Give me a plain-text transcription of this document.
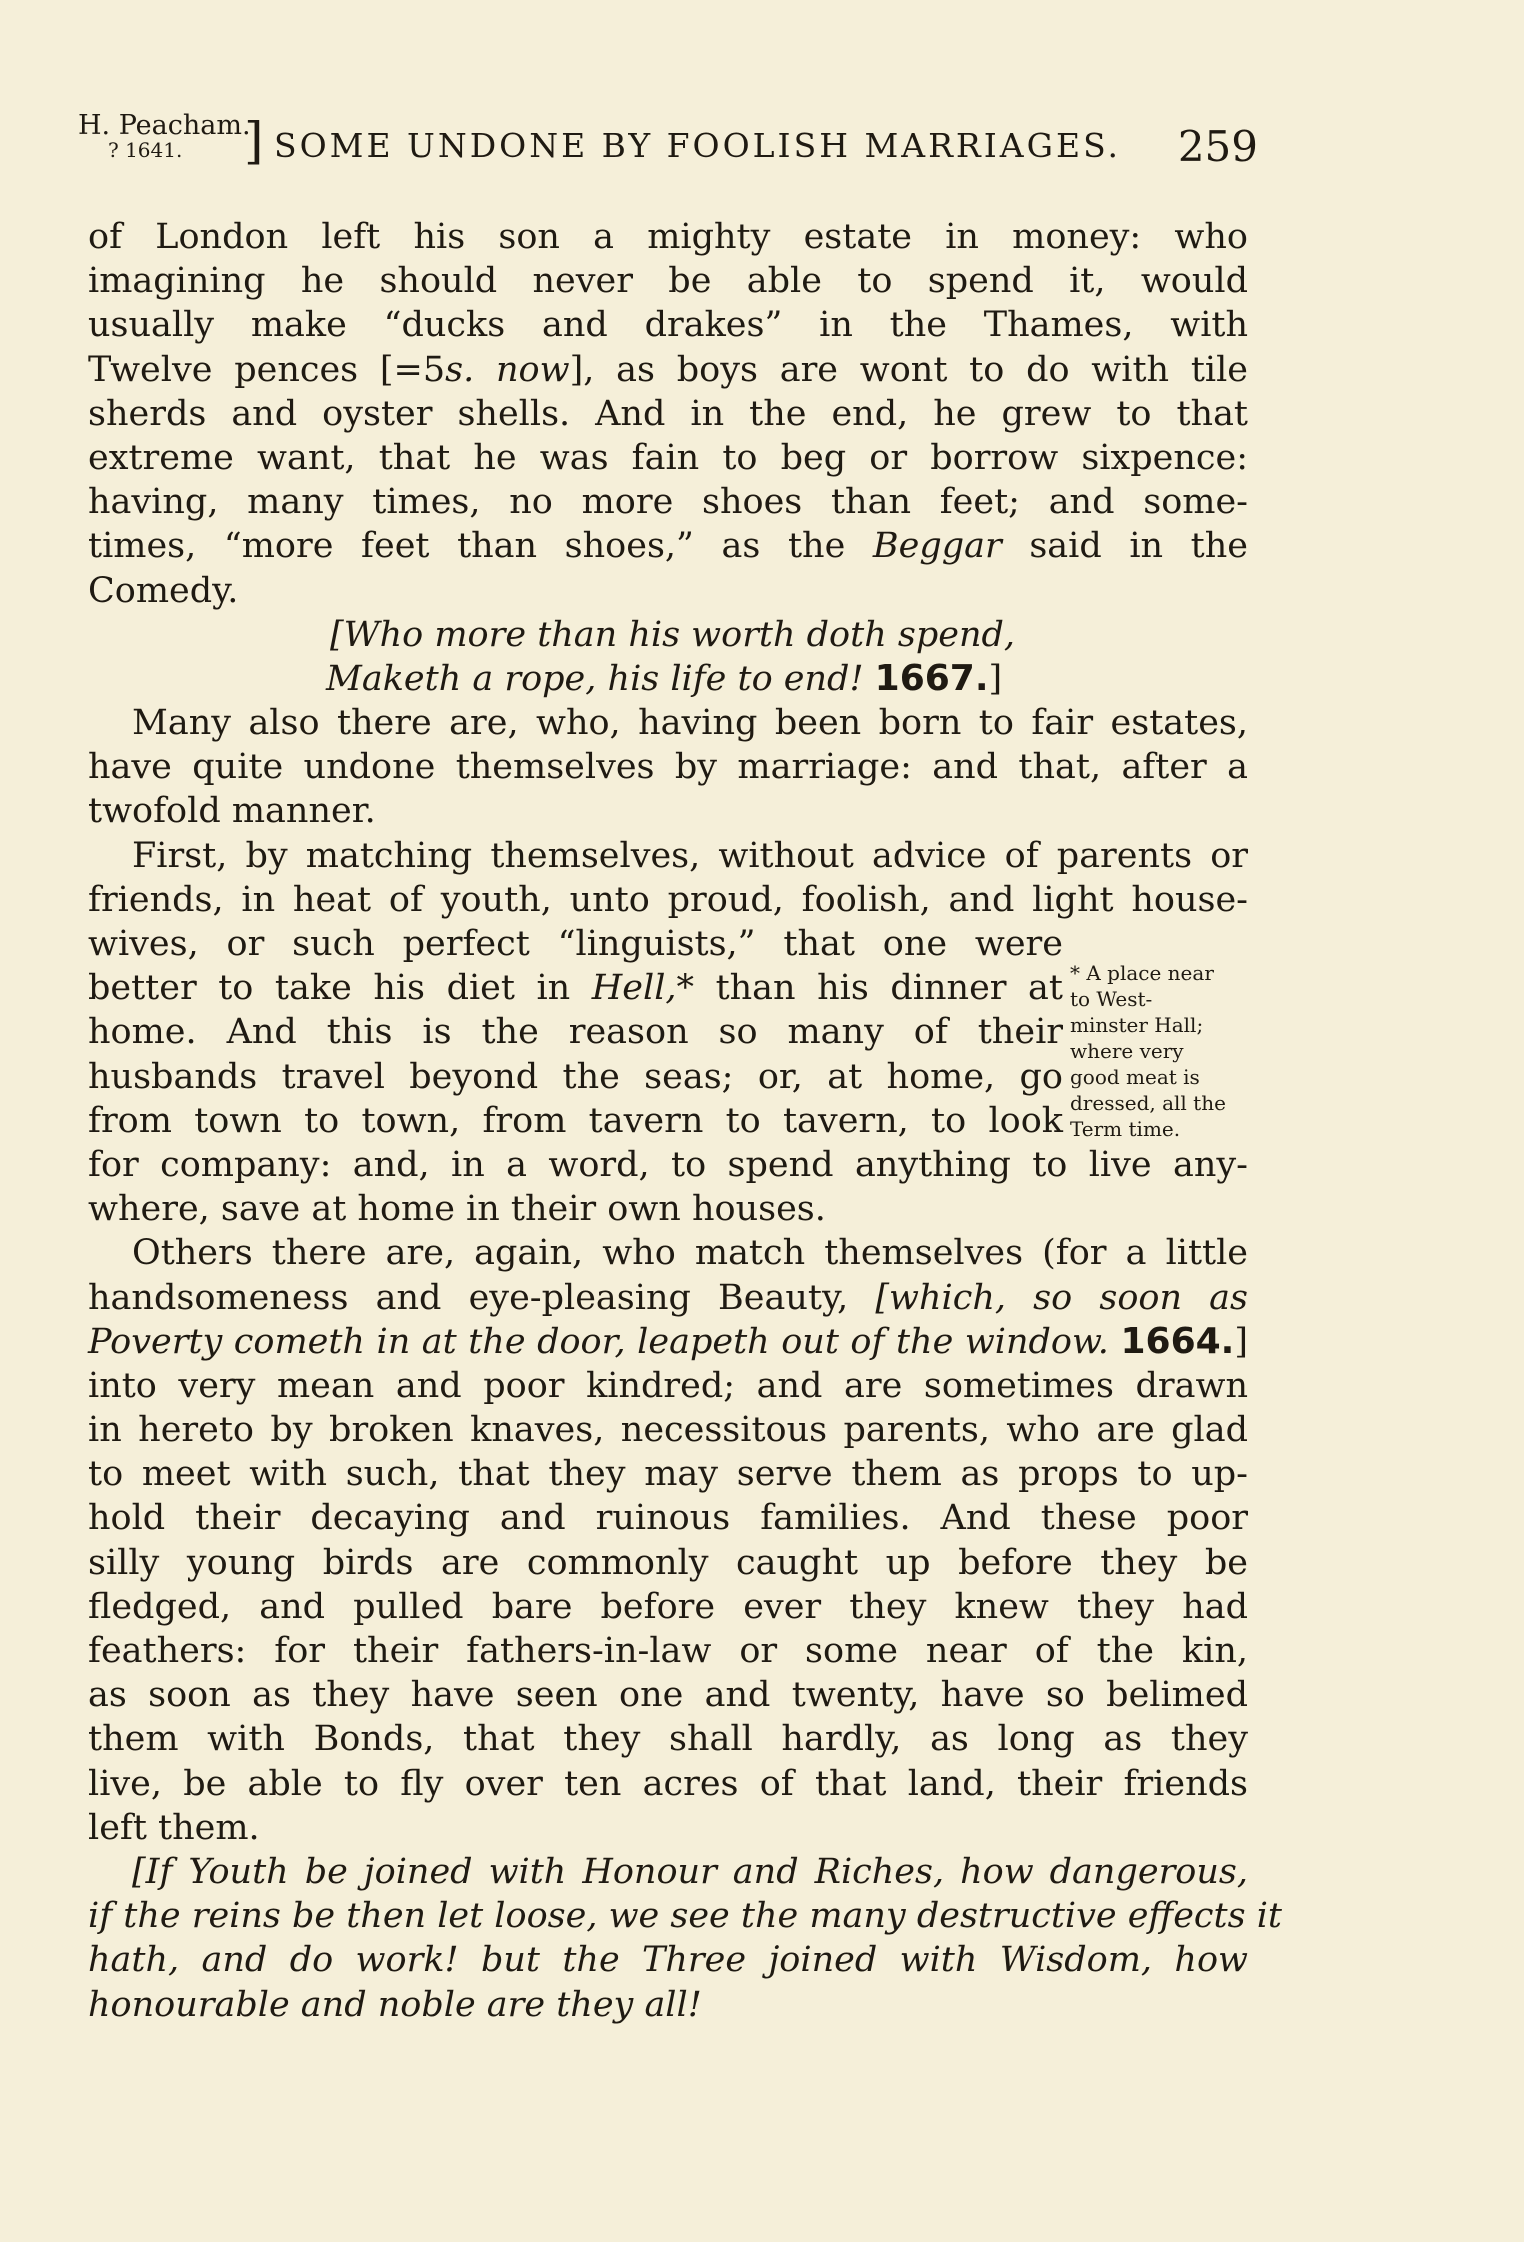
H. Peacham.

? 1641. ] SOME UNDONE BY FOOLISH MARRIAGES. 259
of London left his son a mighty estate in money: who
imagining he should never be able to spend it, would
usually make “ducks and drakes” in the Thames, with
Twelve pences [=5s. now], as boys are wont to do with tile
sherds and oyster shells. And in the end, he grew to that
extreme want, that he was fain to beg or borrow sixpence:
having, many times, no more shoes than feet; and some-
times, “more feet than shoes,” as the Beggar said in the
Comedy.
[Who more than his worth doth spend,
Maketh a rope, his life to end! 1667.]
Many also there are, who, having been born to fair estates,
have quite undone themselves by marriage: and that, after a
twofold manner.
First, by matching themselves, without advice of parents or
friends, in heat of youth, unto proud, foolish, and light house-
wives, or such perfect “linguists,” that one were
better to take his diet in Hell,* than his dinner at
home. And this is the reason so many of their
husbands travel beyond the seas; or, at home, go
from town to town, from tavern to tavern, to look
for company: and, in a word, to spend anything to live any-
where, save at home in their own houses.
Others there are, again, who match themselves (for a little
handsomeness and eye-pleasing Beauty, [which, so soon as
Poverty cometh in at the door, leapeth out of the window. 1664.]
into very mean and poor kindred; and are sometimes drawn
in hereto by broken knaves, necessitous parents, who are glad
to meet with such, that they may serve them as props to up-
hold their decaying and ruinous families. And these poor
silly young birds are commonly caught up before they be
fledged, and pulled bare before ever they knew they had
feathers: for their fathers-in-law or some near of the kin,
as soon as they have seen one and twenty, have so belimed
them with Bonds, that they shall hardly, as long as they
live, be able to fly over ten acres of that land, their friends
left them.
[If Youth be joined with Honour and Riches, how dangerous,
if the reins be then let loose, we see the many destructive effects it
hath, and do work! but the Three joined with Wisdom, how
honourable and noble are they all!
* A place near
to West-
minster Hall;
where very
good meat is
dressed, all the
Term time.
